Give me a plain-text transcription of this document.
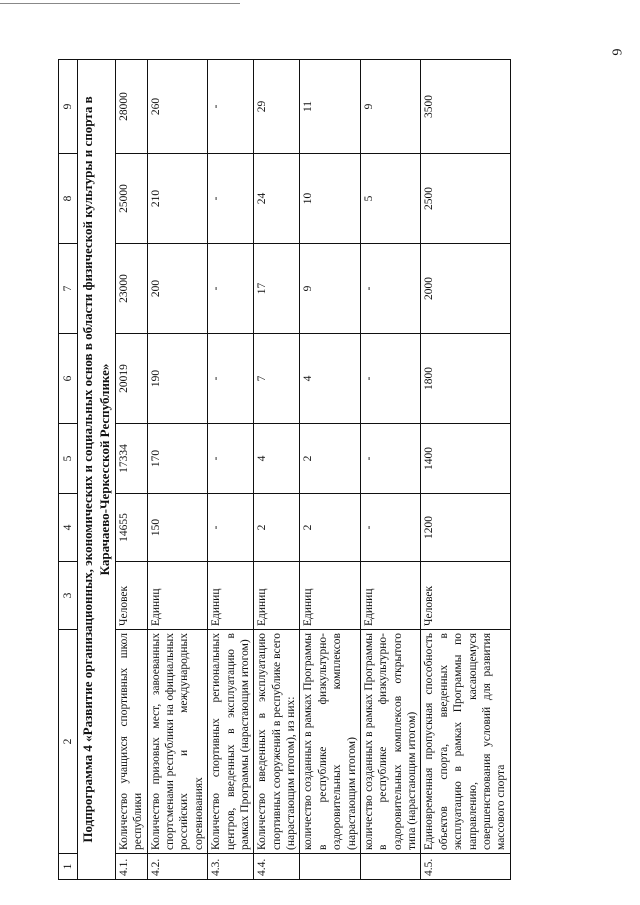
6
1	2	3	4	5	6	7	8	9
Подпрограмма 4 «Развитие организационных, экономических и социальных основ в области физической культуры и спорта в Карачаево-Черкесской Республике»								
4.1.	Количество учащихся спортивных школ республики	Человек	14655	17334	20019	23000	25000	28000
4.2.	Количество призовых мест, завоеванных спортсменами республики на официальных российских и международных соревнованиях	Единиц	150	170	190	200	210	260
4.3.	Количество спортивных региональных центров, введенных в эксплуатацию в рамках Программы (нарастающим итогом)	Единиц	-	-	-	-	-	-
4.4.	Количество введенных в эксплуатацию спортивных сооружений в республике всего (нарастающим итогом), из них:	Единиц	2	4	7	17	24	29
	количество созданных в рамках Программы в республике физкультурно-оздоровительных комплексов (нарастающим итогом)	Единиц	2	2	4	9	10	11
	количество созданных в рамках Программы в республике физкультурно-оздоровительных комплексов открытого типа (нарастающим итогом)	Единиц	-	-	-	-	5	9
4.5.	Единовременная пропускная способность объектов спорта, введенных в эксплуатацию в рамках Программы по направлению, касающемуся совершенствования условий для развития массового спорта	Человек	1200	1400	1800	2000	2500	3500
